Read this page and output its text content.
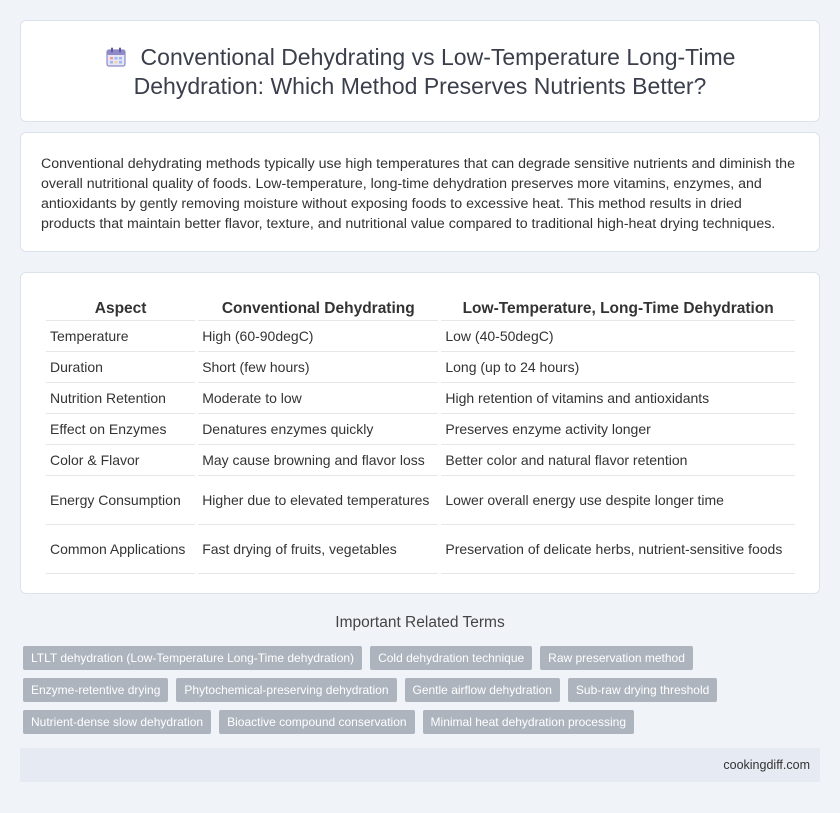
Conventional Dehydrating vs Low-Temperature Long-Time Dehydration: Which Method Preserves Nutrients Better?

Conventional dehydrating methods typically use high temperatures that can degrade sensitive nutrients and diminish the overall nutritional quality of foods. Low-temperature, long-time dehydration preserves more vitamins, enzymes, and antioxidants by gently removing moisture without exposing foods to excessive heat. This method results in dried products that maintain better flavor, texture, and nutritional value compared to traditional high-heat drying techniques.

Aspect	Conventional Dehydrating	Low-Temperature, Long-Time Dehydration
Temperature	High (60-90degC)	Low (40-50degC)
Duration	Short (few hours)	Long (up to 24 hours)
Nutrition Retention	Moderate to low	High retention of vitamins and antioxidants
Effect on Enzymes	Denatures enzymes quickly	Preserves enzyme activity longer
Color & Flavor	May cause browning and flavor loss	Better color and natural flavor retention
Energy Consumption	Higher due to elevated temperatures	Lower overall energy use despite longer time
Common Applications	Fast drying of fruits, vegetables	Preservation of delicate herbs, nutrient-sensitive foods
Important Related Terms
LTLT dehydration (Low-Temperature Long-Time dehydration)	Cold dehydration technique	Raw preservation method
Enzyme-retentive drying	Phytochemical-preserving dehydration	Gentle airflow dehydration	Sub-raw drying threshold
Nutrient-dense slow dehydration	Bioactive compound conservation	Minimal heat dehydration processing
cookingdiff.com
